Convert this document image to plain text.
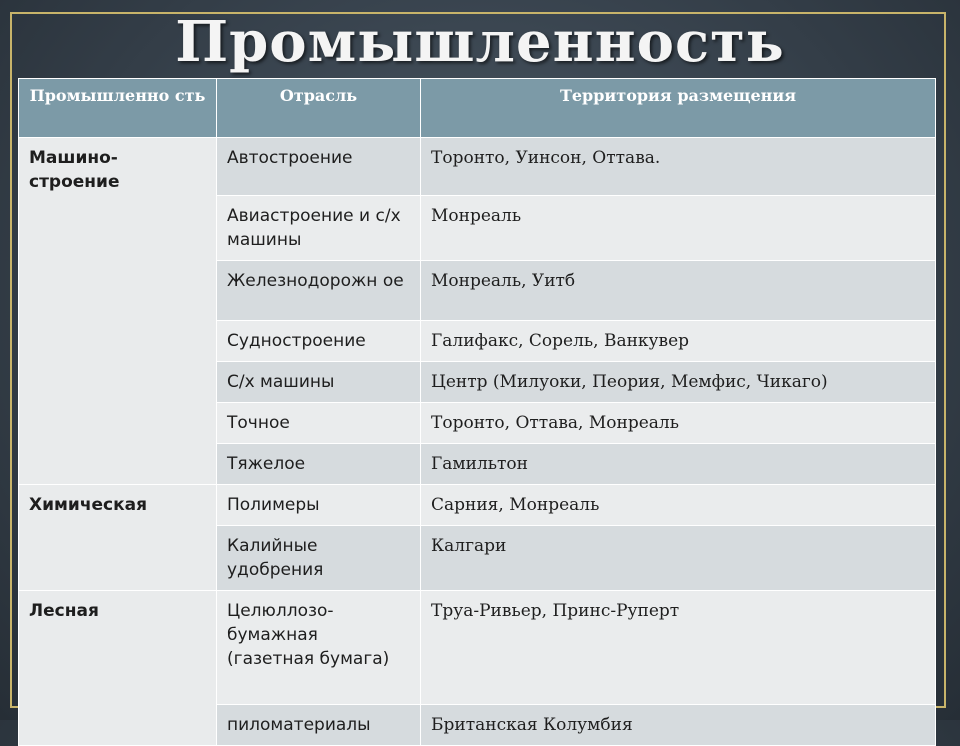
Промышленность
Промышленно сть	Отрасль	Территория размещения
Машино-строение	Автостроение	Торонто, Уинсон, Оттава.
	Авиастроение и с/х машины	Монреаль
	Железнодорожн ое	Монреаль, Уитб
	Судностроение	Галифакс, Сорель, Ванкувер
	С/х машины	Центр (Милуоки, Пеория, Мемфис, Чикаго)
	Точное	Торонто, Оттава, Монреаль
	Тяжелое	Гамильтон
Химическая	Полимеры	Сарния, Монреаль
	Калийные удобрения	Калгари
Лесная	Целюллозо-бумажная (газетная бумага)	Труа-Ривьер, Принс-Руперт
	пиломатериалы	Британская Колумбия
